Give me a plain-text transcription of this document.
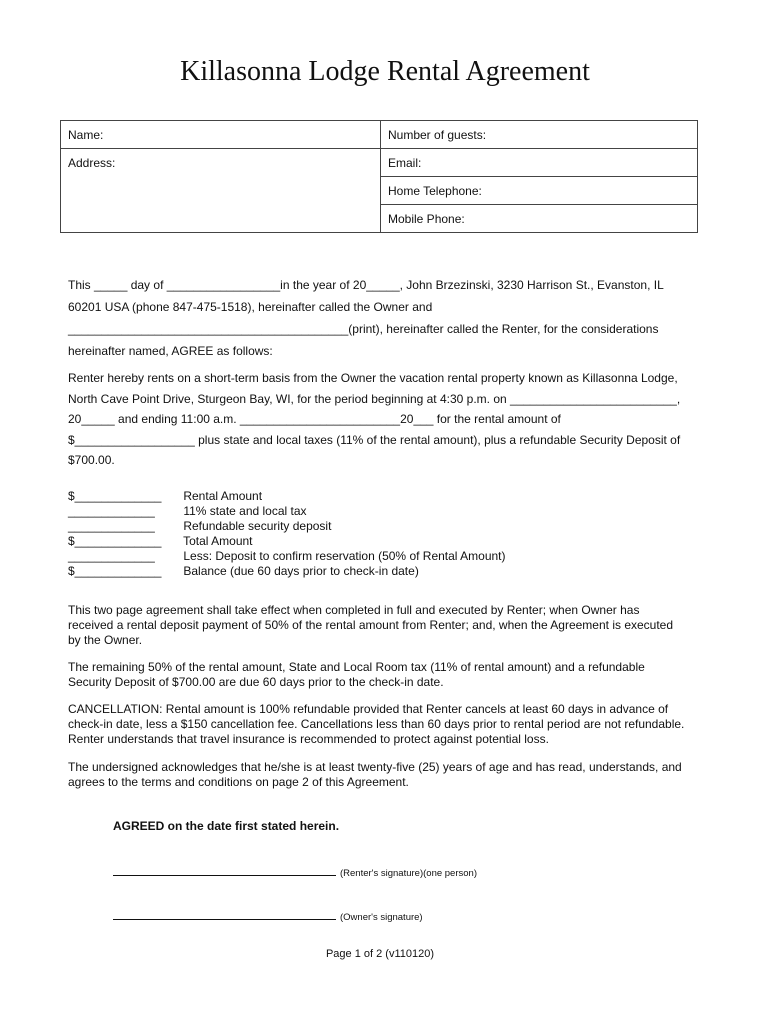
Killasonna Lodge Rental Agreement
Name:	Number of guests:
Address:	Email:
	Home Telephone:
	Mobile Phone:
This _____ day of _________________in the year of 20_____, John Brzezinski, 3230 Harrison St., Evanston, IL 60201 USA (phone 847-475-1518), hereinafter called the Owner and __________________________________________(print), hereinafter called the Renter, for the considerations hereinafter named, AGREE as follows:
Renter hereby rents on a short-term basis from the Owner the vacation rental property known as Killasonna Lodge, North Cave Point Drive, Sturgeon Bay, WI, for the period beginning at 4:30 p.m. on _________________________, 20_____ and ending 11:00 a.m. ________________________20___ for the rental amount of $__________________ plus state and local taxes (11% of the rental amount), plus a refundable Security Deposit of $700.00.
$_____________ Rental Amount
_____________ 11% state and local tax
_____________ Refundable security deposit
$_____________ Total Amount
_____________ Less: Deposit to confirm reservation (50% of Rental Amount)
$_____________ Balance (due 60 days prior to check-in date)
This two page agreement shall take effect when completed in full and executed by Renter; when Owner has received a rental deposit payment of 50% of the rental amount from Renter; and, when the Agreement is executed by the Owner.
The remaining 50% of the rental amount, State and Local Room tax (11% of rental amount) and a refundable Security Deposit of $700.00 are due 60 days prior to the check-in date.
CANCELLATION: Rental amount is 100% refundable provided that Renter cancels at least 60 days in advance of check-in date, less a $150 cancellation fee. Cancellations less than 60 days prior to rental period are not refundable. Renter understands that travel insurance is recommended to protect against potential loss.
The undersigned acknowledges that he/she is at least twenty-five (25) years of age and has read, understands, and agrees to the terms and conditions on page 2 of this Agreement.
AGREED on the date first stated herein.
(Renter's signature)(one person)
(Owner's signature)
Page 1 of 2 (v110120)
